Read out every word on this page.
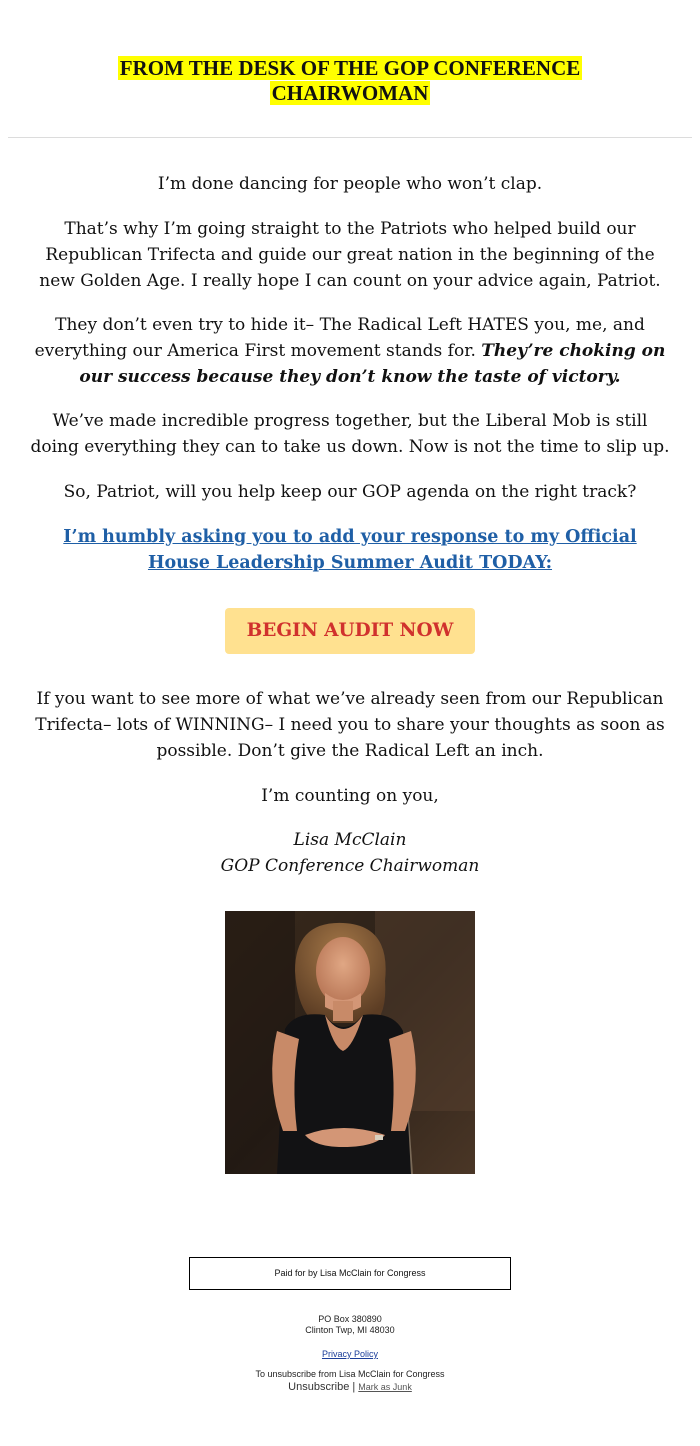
FROM THE DESK OF THE GOP CONFERENCE
CHAIRWOMAN

I’m done dancing for people who won’t clap.

That’s why I’m going straight to the Patriots who helped build our Republican Trifecta and guide our great nation in the beginning of the new Golden Age. I really hope I can count on your advice again, Patriot.

They don’t even try to hide it– The Radical Left HATES you, me, and everything our America First movement stands for. They’re choking on our success because they don’t know the taste of victory.

We’ve made incredible progress together, but the Liberal Mob is still doing everything they can to take us down. Now is not the time to slip up.

So, Patriot, will you help keep our GOP agenda on the right track?

I’m humbly asking you to add your response to my Official House Leadership Summer Audit TODAY:
BEGIN AUDIT NOW

If you want to see more of what we’ve already seen from our Republican Trifecta– lots of WINNING– I need you to share your thoughts as soon as possible. Don’t give the Radical Left an inch.

I’m counting on you,

Lisa McClain
GOP Conference Chairwoman
Paid for by Lisa McClain for Congress
PO Box 380890
Clinton Twp, MI 48030
Privacy Policy
To unsubscribe from Lisa McClain for Congress
Unsubscribe | Mark as Junk
